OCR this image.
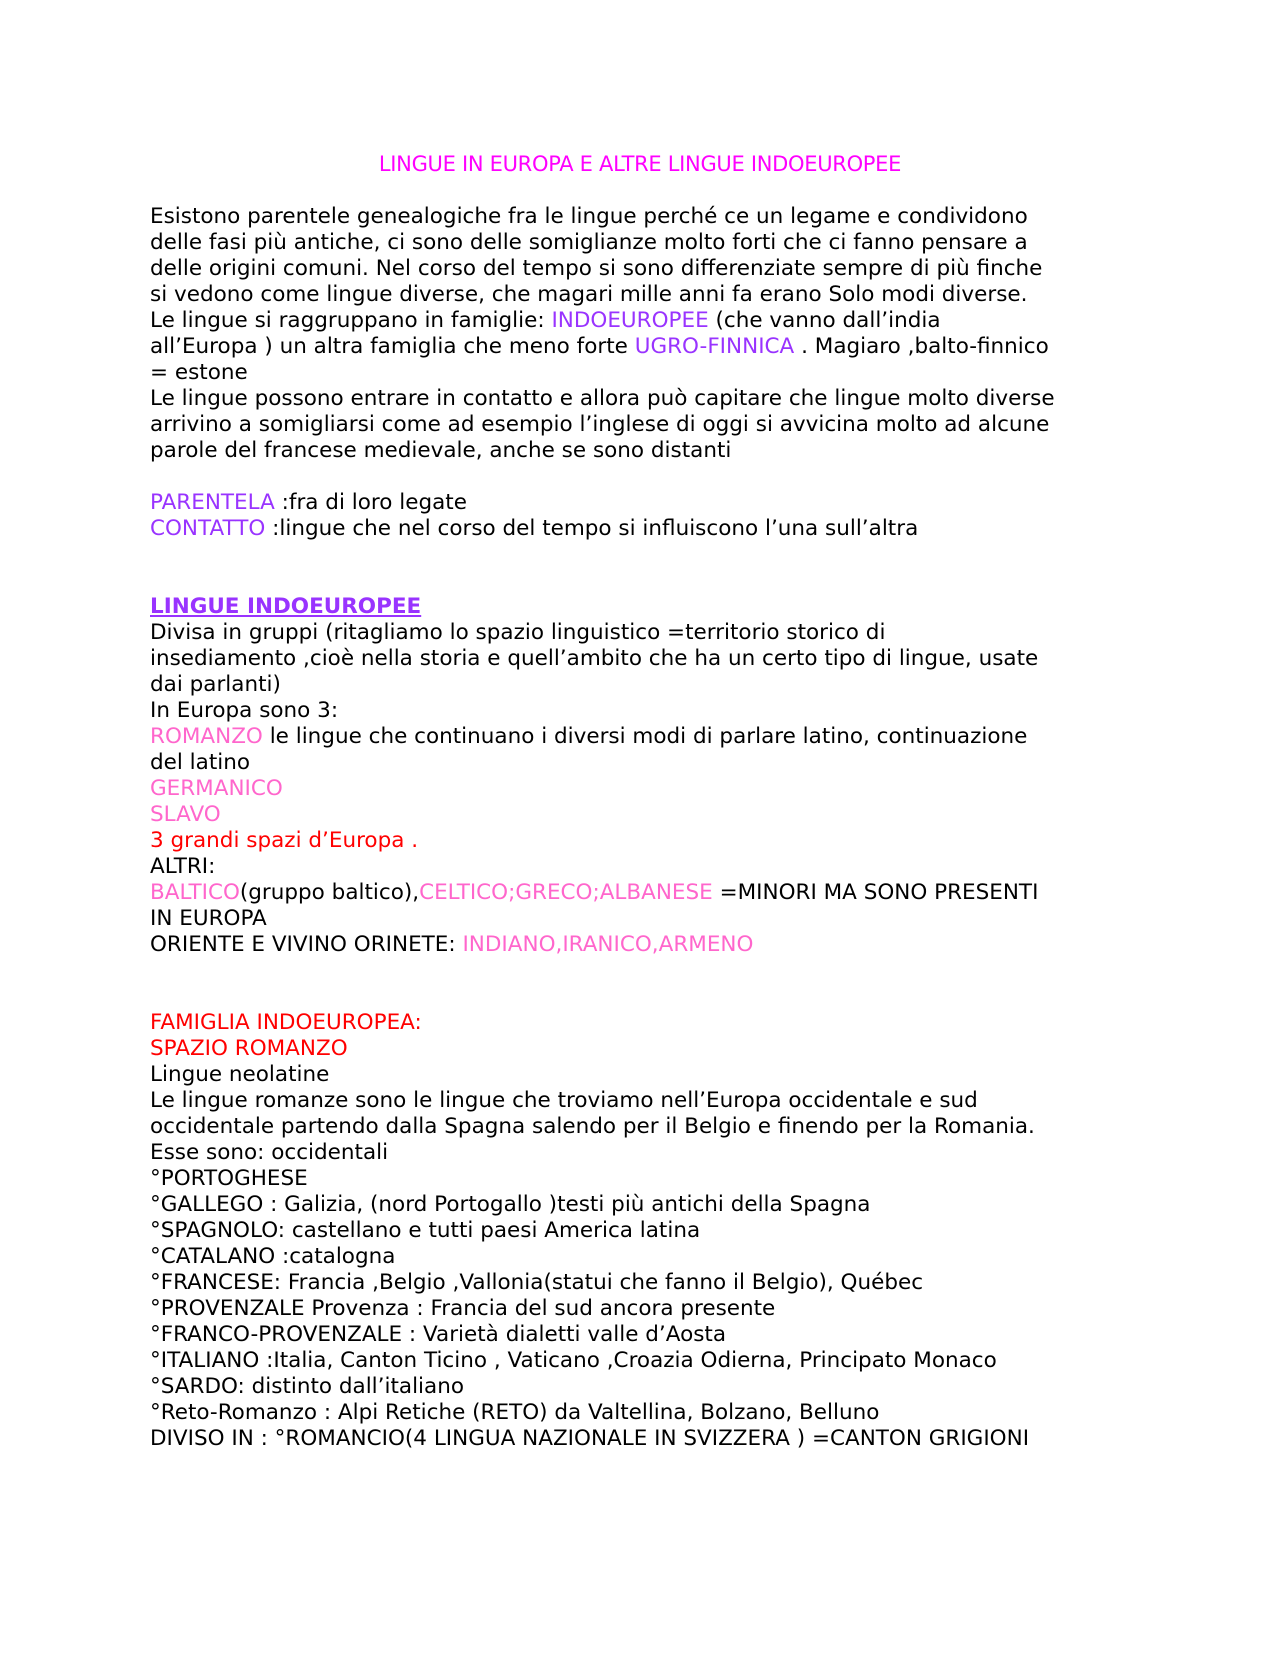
LINGUE IN EUROPA E ALTRE LINGUE INDOEUROPEE
Esistono parentele genealogiche fra le lingue perché ce un legame e condividono
delle fasi più antiche, ci sono delle somiglianze molto forti che ci fanno pensare a
delle origini comuni. Nel corso del tempo si sono differenziate sempre di più finche
si vedono come lingue diverse, che magari mille anni fa erano Solo modi diverse.
Le lingue si raggruppano in famiglie: INDOEUROPEE (che vanno dall’india
all’Europa ) un altra famiglia che meno forte UGRO-FINNICA . Magiaro ,balto-finnico
= estone
Le lingue possono entrare in contatto e allora può capitare che lingue molto diverse
arrivino a somigliarsi come ad esempio l’inglese di oggi si avvicina molto ad alcune
parole del francese medievale, anche se sono distanti
PARENTELA :fra di loro legate
CONTATTO :lingue che nel corso del tempo si influiscono l’una sull’altra
LINGUE INDOEUROPEE
Divisa in gruppi (ritagliamo lo spazio linguistico =territorio storico di
insediamento ,cioè nella storia e quell’ambito che ha un certo tipo di lingue, usate
dai parlanti)
In Europa sono 3:
ROMANZO le lingue che continuano i diversi modi di parlare latino, continuazione
del latino
GERMANICO
SLAVO
3 grandi spazi d’Europa .
ALTRI:
BALTICO(gruppo baltico),CELTICO;GRECO;ALBANESE =MINORI MA SONO PRESENTI
IN EUROPA
ORIENTE E VIVINO ORINETE: INDIANO,IRANICO,ARMENO
FAMIGLIA INDOEUROPEA:
SPAZIO ROMANZO
Lingue neolatine
Le lingue romanze sono le lingue che troviamo nell’Europa occidentale e sud
occidentale partendo dalla Spagna salendo per il Belgio e finendo per la Romania.
Esse sono: occidentali
°PORTOGHESE
°GALLEGO : Galizia, (nord Portogallo )testi più antichi della Spagna
°SPAGNOLO: castellano e tutti paesi America latina
°CATALANO :catalogna
°FRANCESE: Francia ,Belgio ,Vallonia(statui che fanno il Belgio), Québec
°PROVENZALE Provenza : Francia del sud ancora presente
°FRANCO-PROVENZALE : Varietà dialetti valle d’Aosta
°ITALIANO :Italia, Canton Ticino , Vaticano ,Croazia Odierna, Principato Monaco
°SARDO: distinto dall’italiano
°Reto-Romanzo : Alpi Retiche (RETO) da Valtellina, Bolzano, Belluno
DIVISO IN : °ROMANCIO(4 LINGUA NAZIONALE IN SVIZZERA ) =CANTON GRIGIONI
